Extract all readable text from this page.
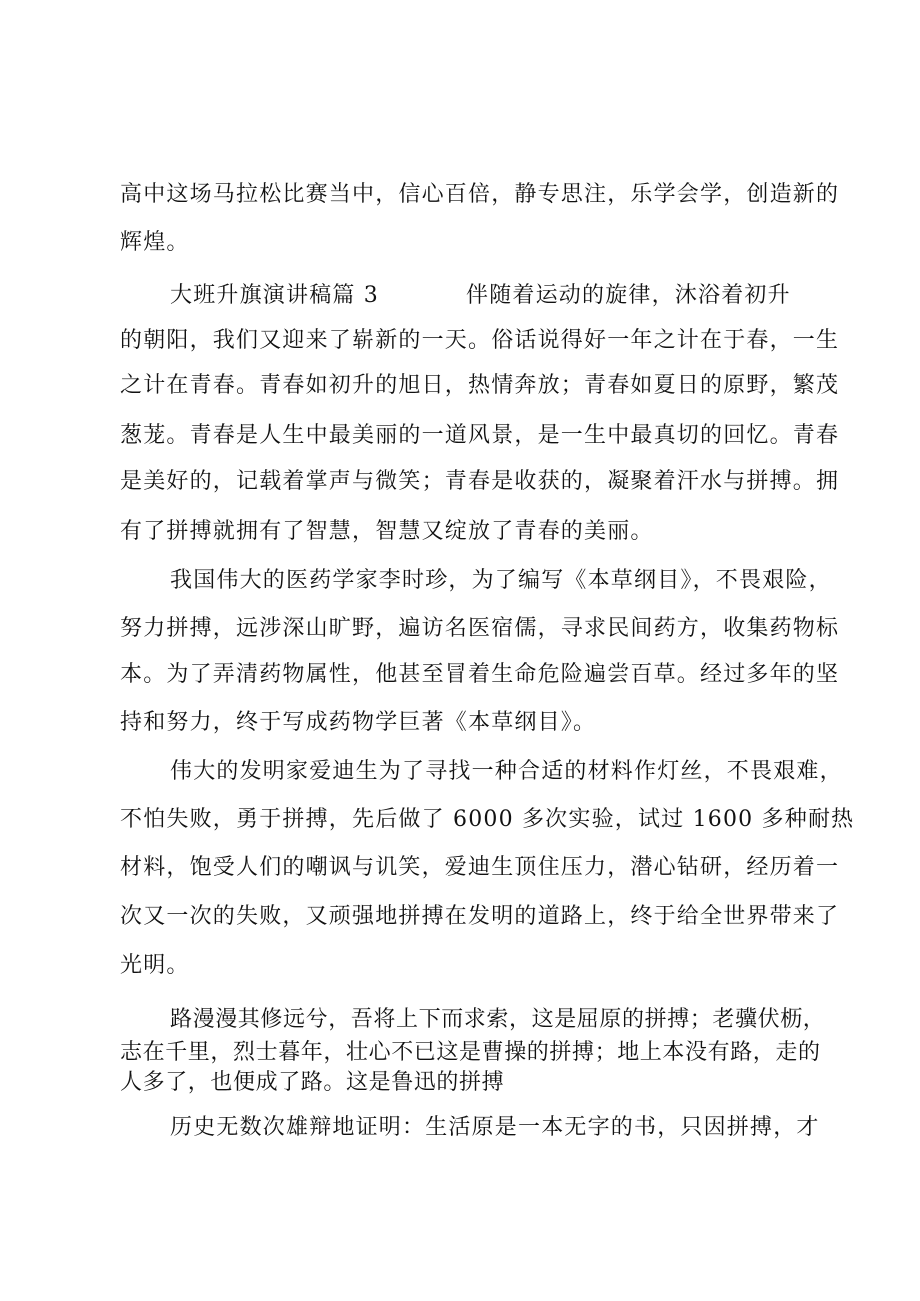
高中这场马拉松比赛当中，信心百倍，静专思注，乐学会学，创造新的
辉煌。
大班升旗演讲稿篇 3	伴随着运动的旋律，沐浴着初升
的朝阳，我们又迎来了崭新的一天。俗话说得好一年之计在于春，一生
之计在青春。青春如初升的旭日，热情奔放；青春如夏日的原野，繁茂
葱茏。青春是人生中最美丽的一道风景，是一生中最真切的回忆。青春
是美好的，记载着掌声与微笑；青春是收获的，凝聚着汗水与拼搏。拥
有了拼搏就拥有了智慧，智慧又绽放了青春的美丽。
我国伟大的医药学家李时珍，为了编写《本草纲目》，不畏艰险，
努力拼搏，远涉深山旷野，遍访名医宿儒，寻求民间药方，收集药物标
本。为了弄清药物属性，他甚至冒着生命危险遍尝百草。经过多年的坚
持和努力，终于写成药物学巨著《本草纲目》。
伟大的发明家爱迪生为了寻找一种合适的材料作灯丝，不畏艰难，
不怕失败，勇于拼搏，先后做了 6000 多次实验，试过 1600 多种耐热
材料，饱受人们的嘲讽与讥笑，爱迪生顶住压力，潜心钻研，经历着一
次又一次的失败，又顽强地拼搏在发明的道路上，终于给全世界带来了
光明。
路漫漫其修远兮，吾将上下而求索，这是屈原的拼搏；老骥伏枥，
志在千里，烈士暮年，壮心不已这是曹操的拼搏；地上本没有路，走的
人多了，也便成了路。这是鲁迅的拼搏
历史无数次雄辩地证明：生活原是一本无字的书，只因拼搏，才
